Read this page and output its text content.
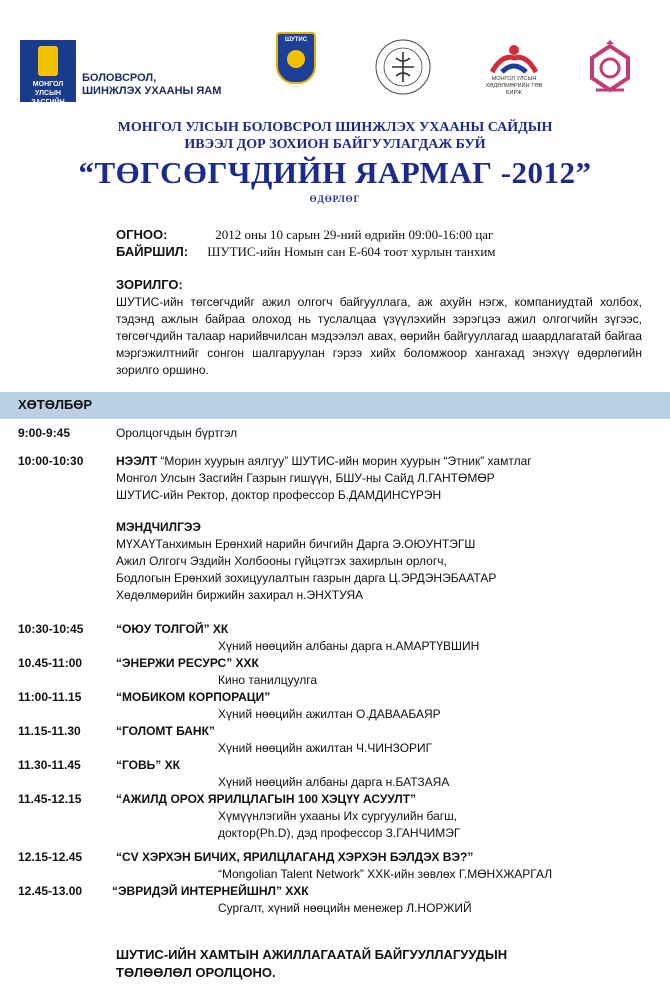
МОНГОЛ УЛСЫН ЗАСГИЙН ГАЗАР
БОЛОВСРОЛ,
ШИНЖЛЭХ УХААНЫ ЯАМ
ШУТИС
МОНГОЛ УЛСЫН
ХӨДӨЛМӨРИЙН ТӨВ БИРЖ
МОНГОЛ УЛСЫН БОЛОВСРОЛ ШИНЖЛЭХ УХААНЫ САЙДЫН
ИВЭЭЛ ДОР ЗОХИОН БАЙГУУЛАГДАЖ БУЙ
“ТӨГСӨГЧДИЙН ЯАРМАГ -2012”
ӨДӨРЛӨГ
ОГНОО:	2012 оны 10 сарын 29-ний өдрийн 09:00-16:00 цаг
БАЙРШИЛ: ШУТИС-ийн Номын сан Е-604 тоот хурлын танхим
ЗОРИЛГО:
ШУТИС-ийн төгсөгчдийг ажил олгогч байгууллага, аж ахуйн нэгж, компаниудтай холбох, тэдэнд ажлын байраа олоход нь туслалцаа үзүүлэхийн зэрэгцээ ажил олгогчийн зүгээс, төгсөгчдийн талаар нарийвчилсан мэдээлэл авах, өөрийн байгууллагад шаардлагатай байгаа мэргэжилтнийг сонгон шалгаруулан гэрээ хийх боломжоор хангахад энэхүү өдөрлөгийн зорилго оршино.
ХӨТӨЛБӨР
9:00-9:45	Оролцогчдын бүртгэл
10:00-10:30	НЭЭЛТ “Морин хуурын аялгуу” ШУТИС-ийн морин хуурын “Этник” хамтлаг
Монгол Улсын Засгийн Газрын гишүүн, БШУ-ны Сайд Л.ГАНТӨМӨР
ШУТИС-ийн Ректор, доктор профессор Б.ДАМДИНСҮРЭН
МЭНДЧИЛГЭЭ
МҮХАҮТанхимын Ерөнхий нарийн бичгийн Дарга Э.ОЮУНТЭГШ
Ажил Олгогч Эздийн Холбооны гүйцэтгэх захирлын орлогч,
Бодлогын Ерөнхий зохицуулалтын газрын дарга Ц.ЭРДЭНЭБААТАР
Хөдөлмөрийн биржийн захирал н.ЭНХТУЯА
10:30-10:45	“ОЮУ ТОЛГОЙ” ХК
Хүний нөөцийн албаны дарга н.АМАРТҮВШИН
10.45-11:00	“ЭНЕРЖИ РЕСУРС” ХХК
Кино танилцуулга
11:00-11.15	“МОБИКОМ КОРПОРАЦИ”
Хүний нөөцийн ажилтан О.ДАВААБАЯР
11.15-11.30	“ГОЛОМТ БАНК”
Хүний нөөцийн ажилтан Ч.ЧИНЗОРИГ
11.30-11.45	“ГОВЬ” ХК
Хүний нөөцийн албаны дарга н.БАТЗАЯА
11.45-12.15	“АЖИЛД ОРОХ ЯРИЛЦЛАГЫН 100 ХЭЦҮҮ АСУУЛТ”
Хүмүүнлэгийн ухааны Их сургуулийн багш,
доктор(Ph.D), дэд профессор З.ГАНЧИМЭГ
12.15-12.45	“CV ХЭРХЭН БИЧИХ, ЯРИЛЦЛАГАНД ХЭРХЭН БЭЛДЭХ ВЭ?”
“Mongolian Talent Network” ХХК-ийн зөвлөх Г.МӨНХЖАРГАЛ
12.45-13.00 “ЭВРИДЭЙ ИНТЕРНЕЙШНЛ” ХХК
Сургалт, хүний нөөцийн менежер Л.НОРЖИЙ
ШУТИС-ИЙН ХАМТЫН АЖИЛЛАГААТАЙ БАЙГУУЛЛАГУУДЫН
ТӨЛӨӨЛӨЛ ОРОЛЦОНО.
